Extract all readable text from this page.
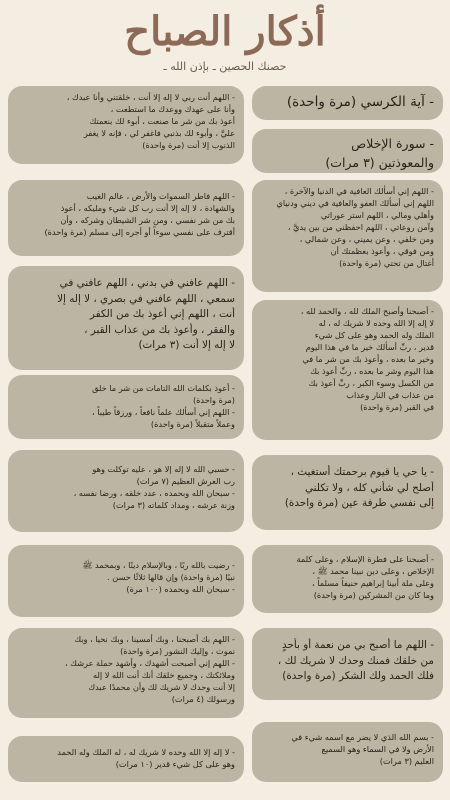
أذكار الصباح
حصنك الحصين ـ بإذن الله ـ
- آية الكرسي (مرة واحدة)
- سورة الإخلاص
والمعوذتين (٣ مرات)
- اللهم إني أسألك العافية في الدنيا والآخرة ،
اللهم إني أسألك العفو والعافية في ديني ودنياي
وأهلي ومالي ، اللهم استر عوراتي
وآمن روعاتي ، اللهم احفظني من بين يديَّ ،
ومن خلفي ، وعن يميني ، وعن شمالي ،
ومن فوقي ، وأعوذ بعظمتك أن
أغتال من تحتي (مرة واحدة)
- أصبحنا وأصبح الملك لله ، والحمد لله ،
لا إله إلا الله وحده لا شريك له ، له
الملك وله الحمد وهو على كل شيء
قدير ، ربِّ أسألك خير ما في هذا اليوم
وخير ما بعده ، وأعوذ بك من شر ما في
هذا اليوم وشر ما بعده ، ربِّ أعوذ بك
من الكسل وسوء الكبر ، ربِّ أعوذ بك
من عذاب في النار وعذاب
في القبر (مرة واحدة)
- يا حي يا قيوم برحمتك أستغيث ،
أصلح لي شأني كله ، ولا تكلني
إلى نفسي طرفة عين (مرة واحدة)
- أصبحنا على فطرة الإسلام ، وعلى كلمة
الإخلاص ، وعلى دين نبينا محمد ﷺ ،
وعلى ملة أبينا إبراهيم حنيفاً مسلماً ،
وما كان من المشركين (مرة واحدة)
- اللهم ما أصبح بي من نعمة أو بأحدٍ
من خلقك فمنك وحدك لا شريك لك ،
فلك الحمد ولك الشكر (مرة واحدة)
- بسم الله الذي لا يضر مع اسمه شيء في
الأرض ولا في السماء وهو السميع
العليم (٣ مرات)
- اللهم أنت ربي لا إله إلا أنت ، خلقتني وأنا عبدك ،
وأنا على عهدك ووعدك ما استطعت ،
أعوذ بك من شر ما صنعت ، أبوء لك بنعمتك
عليَّ ، وأبوء لك بذنبي فاغفر لي ، فإنه لا يغفر
الذنوب إلا أنت (مرة واحدة)
- اللهم فاطر السموات والأرض ، عالم الغيب
والشهادة ، لا إله إلا أنت رب كل شيء ومليكه ، أعوذ
بك من شر نفسي ، ومن شر الشيطان وشركه ، وأن
أقترف على نفسي سوءاً أو أجره إلى مسلم (مرة واحدة)
- اللهم عافني في بدني ، اللهم عافني في
سمعي ، اللهم عافني في بصري ، لا إله إلا
أنت ، اللهم إني أعوذ بك من الكفر
والفقر ، وأعوذ بك من عذاب القبر ،
لا إله إلا أنت (٣ مرات)
- أعوذ بكلمات الله التامات من شر ما خلق
(مرة واحدة)
- اللهم إني أسألك علماً نافعاً ، ورزقاً طيباً ،
وعملاً متقبلاً (مرة واحدة)
- حسبي الله لا إله إلا هو ، عليه توكلت وهو
رب العرش العظيم (٧ مرات)
- سبحان الله وبحمده ، عدد خلقه ، ورضا نفسه ،
وزنة عرشه ، ومداد كلماته (٣ مرات)
- رضيت بالله ربًا ، وبالإسلام دينًا ، وبمحمد ﷺ
نبيًا (مرة واحدة) وإن قالها ثلاثًا حسن .
- سبحان الله وبحمده (١٠٠ مرة)
- اللهم بك أصبحنا ، وبك أمسينا ، وبك نحيا ، وبك
نموت ، وإليك النشور (مرة واحدة)
- اللهم إني أصبحت أشهدك ، وأشهد حملة عرشك ،
وملائكتك ، وجميع خلقك أنك أنت الله لا إله
إلا أنت وحدك لا شريك لك وأن محمدًا عبدك
ورسولك (٤ مرات)
- لا إله إلا الله وحده لا شريك له ، له الملك وله الحمد
وهو على كل شيء قدير (١٠ مرات)
